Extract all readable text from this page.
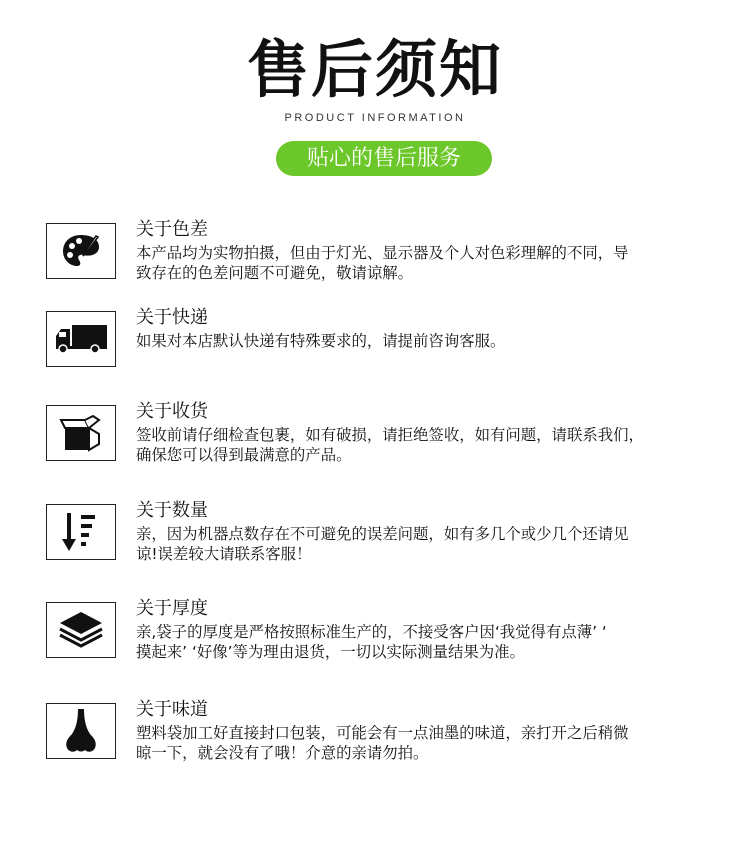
售后须知
PRODUCT INFORMATION
贴心的售后服务
关于色差
本产品均为实物拍摄，但由于灯光、显示器及个人对色彩理解的不同，导
致存在的色差问题不可避免，敬请谅解。
关于快递
如果对本店默认快递有特殊要求的，请提前咨询客服。
关于收货
签收前请仔细检查包裹，如有破损，请拒绝签收，如有问题，请联系我们，
确保您可以得到最满意的产品。
关于数量
亲，因为机器点数存在不可避免的误差问题，如有多几个或少几个还请见
谅!误差较大请联系客服！
关于厚度
亲,袋子的厚度是严格按照标准生产的，不接受客户因‘我觉得有点薄’ ‘
摸起来’ ‘好像’等为理由退货，一切以实际测量结果为准。
关于味道
塑料袋加工好直接封口包装，可能会有一点油墨的味道，亲打开之后稍微
晾一下，就会没有了哦！介意的亲请勿拍。
